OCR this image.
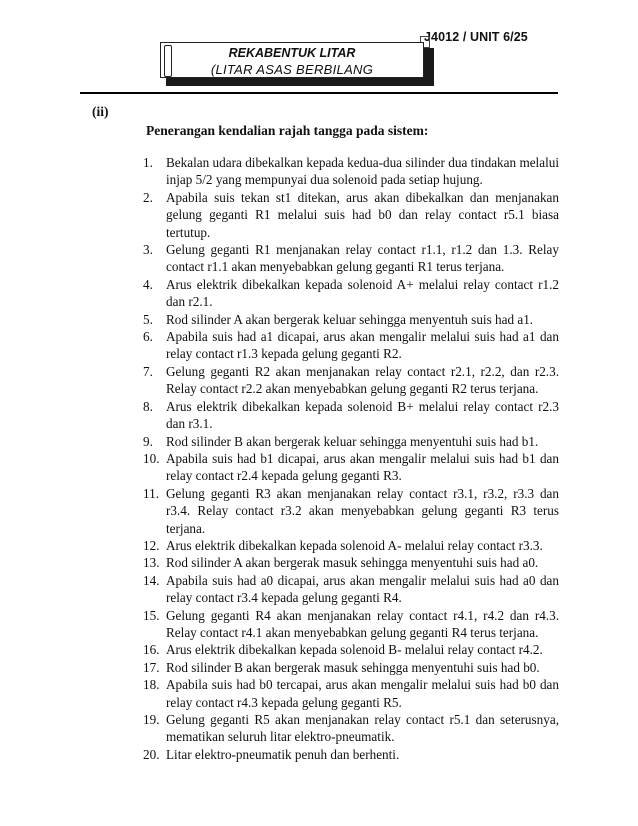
J4012 / UNIT 6/25
REKABENTUK LITAR
(LITAR ASAS BERBILANG
(ii)
Penerangan kendalian rajah tangga pada sistem:
1. Bekalan udara dibekalkan kepada kedua-dua silinder dua tindakan melalui injap 5/2 yang mempunyai dua solenoid pada setiap hujung.
2. Apabila suis tekan st1 ditekan, arus akan dibekalkan dan menjanakan gelung geganti R1 melalui suis had b0 dan relay contact r5.1 biasa tertutup.
3. Gelung geganti R1 menjanakan relay contact r1.1, r1.2 dan 1.3. Relay contact r1.1 akan menyebabkan gelung geganti R1 terus terjana.
4. Arus elektrik dibekalkan kepada solenoid A+ melalui relay contact r1.2 dan r2.1.
5. Rod silinder A akan bergerak keluar sehingga menyentuh suis had a1.
6. Apabila suis had a1 dicapai, arus akan mengalir melalui suis had a1 dan relay contact r1.3 kepada gelung geganti R2.
7. Gelung geganti R2 akan menjanakan relay contact r2.1, r2.2, dan r2.3. Relay contact r2.2 akan menyebabkan gelung geganti R2 terus terjana.
8. Arus elektrik dibekalkan kepada solenoid B+ melalui relay contact r2.3 dan r3.1.
9. Rod silinder B akan bergerak keluar sehingga menyentuhi suis had b1.
10. Apabila suis had b1 dicapai, arus akan mengalir melalui suis had b1 dan relay contact r2.4 kepada gelung geganti R3.
11. Gelung geganti R3 akan menjanakan relay contact r3.1, r3.2, r3.3 dan r3.4. Relay contact r3.2 akan menyebabkan gelung geganti R3 terus terjana.
12. Arus elektrik dibekalkan kepada solenoid A- melalui relay contact r3.3.
13. Rod silinder A akan bergerak masuk sehingga menyentuhi suis had a0.
14. Apabila suis had a0 dicapai, arus akan mengalir melalui suis had a0 dan relay contact r3.4 kepada gelung geganti R4.
15. Gelung geganti R4 akan menjanakan relay contact r4.1, r4.2 dan r4.3. Relay contact r4.1 akan menyebabkan gelung geganti R4 terus terjana.
16. Arus elektrik dibekalkan kepada solenoid B- melalui relay contact r4.2.
17. Rod silinder B akan bergerak masuk sehingga menyentuhi suis had b0.
18. Apabila suis had b0 tercapai, arus akan mengalir melalui suis had b0 dan relay contact r4.3 kepada gelung geganti R5.
19. Gelung geganti R5 akan menjanakan relay contact r5.1 dan seterusnya, mematikan seluruh litar elektro-pneumatik.
20. Litar elektro-pneumatik penuh dan berhenti.
